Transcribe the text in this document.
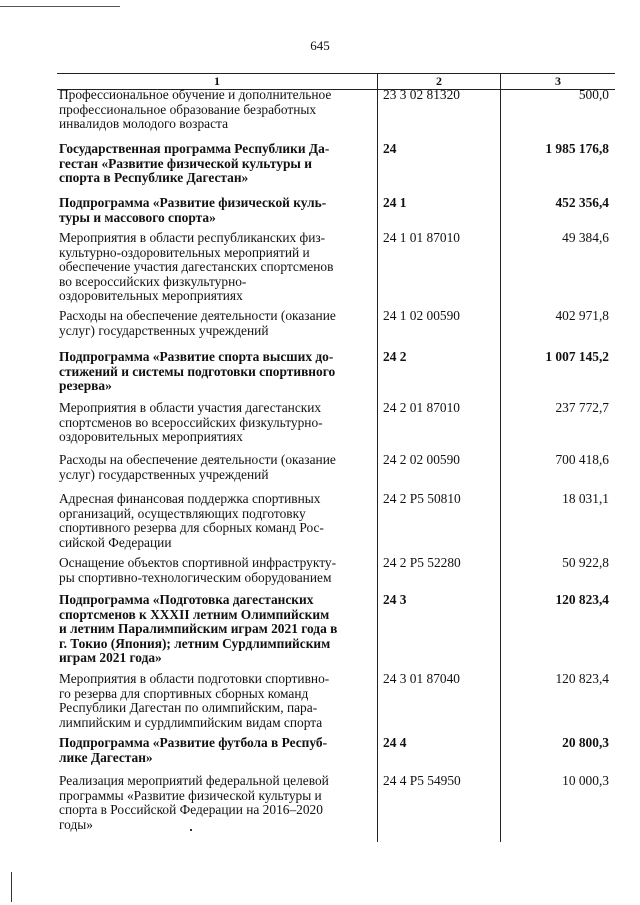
645
1	2	3
Профессиональное обучение и дополнительное
профессиональное образование безработных
инвалидов молодого возраста
23 3 02 81320	500,0
Государственная программа Республики Да-
гестан «Развитие физической культуры и
спорта в Республике Дагестан»
24	1 985 176,8
Подпрограмма «Развитие физической куль-
туры и массового спорта»
24 1	452 356,4
Мероприятия в области республиканских физ-
культурно-оздоровительных мероприятий и
обеспечение участия дагестанских спортсменов
во всероссийских физкультурно-
оздоровительных мероприятиях
24 1 01 87010	49 384,6
Расходы на обеспечение деятельности (оказание
услуг) государственных учреждений
24 1 02 00590	402 971,8
Подпрограмма «Развитие спорта высших до-
стижений и системы подготовки спортивного
резерва»
24 2	1 007 145,2
Мероприятия в области участия дагестанских
спортсменов во всероссийских физкультурно-
оздоровительных мероприятиях
24 2 01 87010	237 772,7
Расходы на обеспечение деятельности (оказание
услуг) государственных учреждений
24 2 02 00590	700 418,6
Адресная финансовая поддержка спортивных
организаций, осуществляющих подготовку
спортивного резерва для сборных команд Рос-
сийской Федерации
24 2 P5 50810	18 031,1
Оснащение объектов спортивной инфраструкту-
ры спортивно-технологическим оборудованием
24 2 P5 52280	50 922,8
Подпрограмма «Подготовка дагестанских
спортсменов к XXXII летним Олимпийским
и летним Паралимпийским играм 2021 года в
г. Токио (Япония); летним Сурдлимпийским
играм 2021 года»
24 3	120 823,4
Мероприятия в области подготовки спортивно-
го резерва для спортивных сборных команд
Республики Дагестан по олимпийским, пара-
лимпийским и сурдлимпийским видам спорта
24 3 01 87040	120 823,4
Подпрограмма «Развитие футбола в Респуб-
лике Дагестан»
24 4	20 800,3
Реализация мероприятий федеральной целевой
программы «Развитие физической культуры и
спорта в Российской Федерации на 2016–2020
годы»
24 4 P5 54950	10 000,3
